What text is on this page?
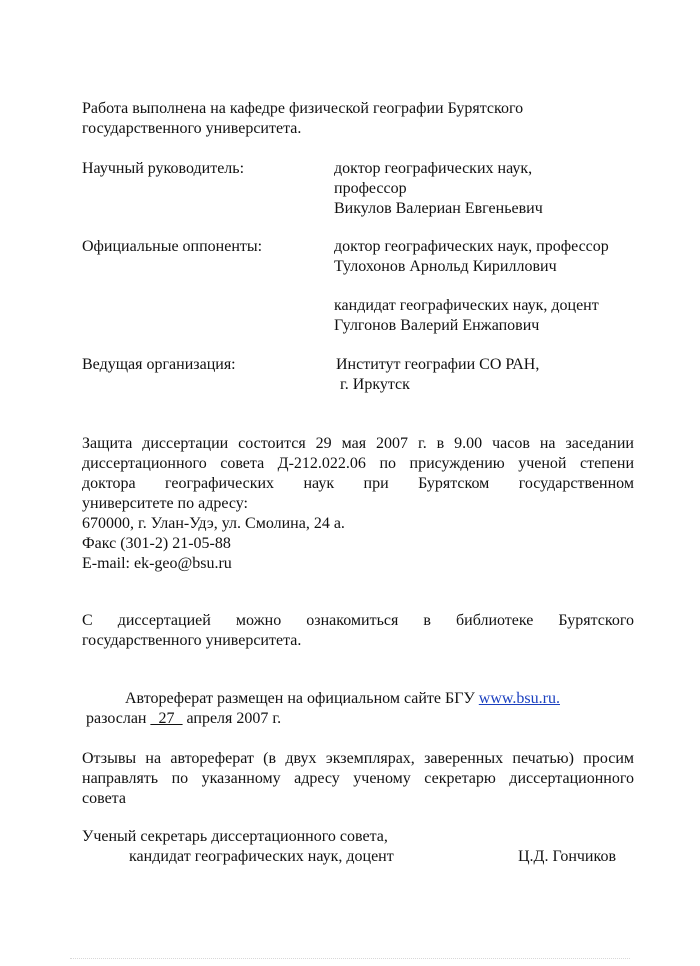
Работа выполнена на кафедре физической географии Бурятского
государственного университета.
Научный руководитель:	доктор географических наук,
профессор
Викулов Валериан Евгеньевич
Официальные оппоненты:	доктор географических наук, профессор
Тулохонов Арнольд Кириллович
кандидат географических наук, доцент
Гулгонов Валерий Енжапович
Ведущая организация:	Институт географии СО РАН,
г. Иркутск
Защита диссертации состоится 29 мая 2007 г. в 9.00 часов на заседании
диссертационного совета Д-212.022.06 по присуждению ученой степени
доктора географических наук при Бурятском государственном
университете по адресу:
670000, г. Улан-Удэ, ул. Смолина, 24 а.
Факс (301-2) 21-05-88
E-mail: ek-geo@bsu.ru
С диссертацией можно ознакомиться в библиотеке Бурятского
государственного университета.
Автореферат размещен на официальном сайте БГУ www.bsu.ru.
разослан _27_ апреля 2007 г.
Отзывы на автореферат (в двух экземплярах, заверенных печатью) просим
направлять по указанному адресу ученому секретарю диссертационного
совета
Ученый секретарь диссертационного совета,
кандидат географических наук, доцент	Ц.Д. Гончиков
